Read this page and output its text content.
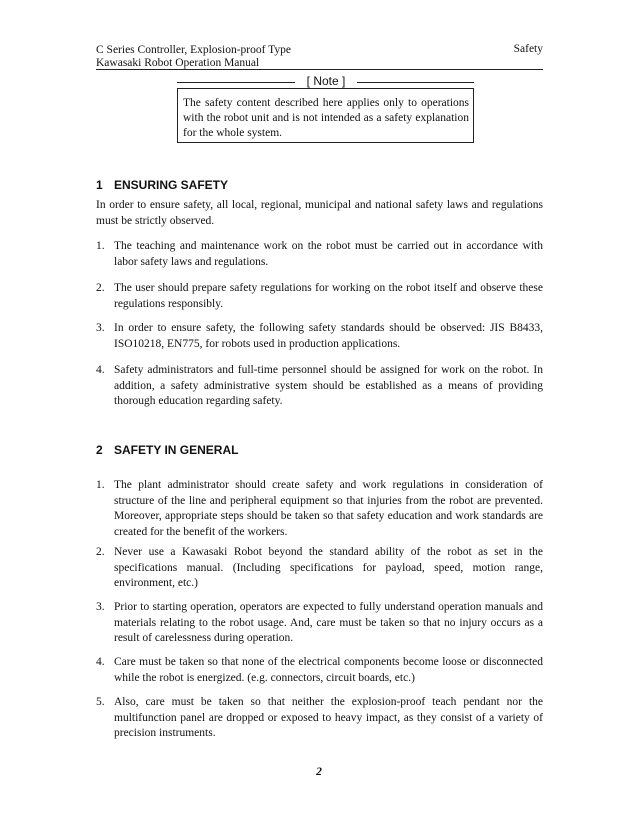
C Series Controller, Explosion-proof Type
Kawasaki Robot Operation Manual
Safety
[ Note ]
The safety content described here applies only to operations with the robot unit and is not intended as a safety explanation for the whole system.
1 ENSURING SAFETY
In order to ensure safety, all local, regional, municipal and national safety laws and regulations must be strictly observed.
1. The teaching and maintenance work on the robot must be carried out in accordance with labor safety laws and regulations.
2. The user should prepare safety regulations for working on the robot itself and observe these regulations responsibly.
3. In order to ensure safety, the following safety standards should be observed: JIS B8433, ISO10218, EN775, for robots used in production applications.
4. Safety administrators and full-time personnel should be assigned for work on the robot. In addition, a safety administrative system should be established as a means of providing thorough education regarding safety.
2 SAFETY IN GENERAL
1. The plant administrator should create safety and work regulations in consideration of structure of the line and peripheral equipment so that injuries from the robot are prevented. Moreover, appropriate steps should be taken so that safety education and work standards are created for the benefit of the workers.
2. Never use a Kawasaki Robot beyond the standard ability of the robot as set in the specifications manual. (Including specifications for payload, speed, motion range, environment, etc.)
3. Prior to starting operation, operators are expected to fully understand operation manuals and materials relating to the robot usage. And, care must be taken so that no injury occurs as a result of carelessness during operation.
4. Care must be taken so that none of the electrical components become loose or disconnected while the robot is energized. (e.g. connectors, circuit boards, etc.)
5. Also, care must be taken so that neither the explosion-proof teach pendant nor the multifunction panel are dropped or exposed to heavy impact, as they consist of a variety of precision instruments.
2
